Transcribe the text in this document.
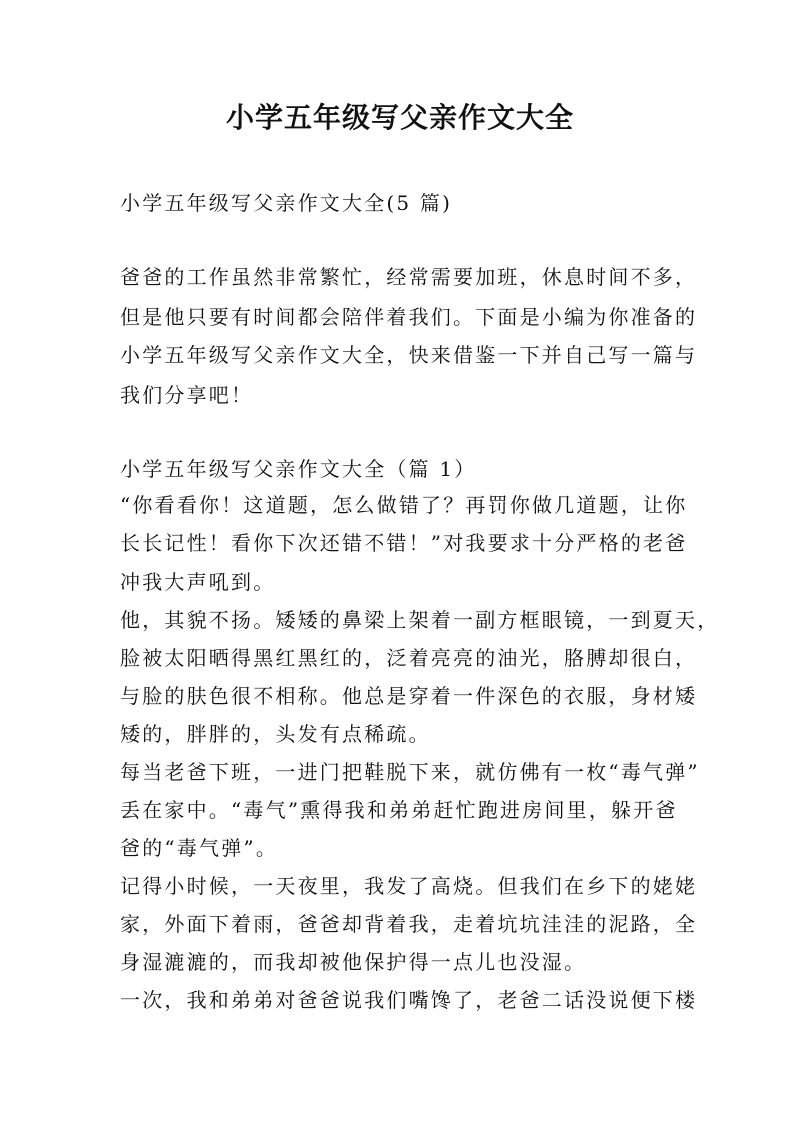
小学五年级写父亲作文大全
小学五年级写父亲作文大全(5 篇)
爸爸的工作虽然非常繁忙，经常需要加班，休息时间不多，
但是他只要有时间都会陪伴着我们。下面是小编为你准备的
小学五年级写父亲作文大全，快来借鉴一下并自己写一篇与
我们分享吧！
小学五年级写父亲作文大全（篇 1）
“你看看你！这道题，怎么做错了？再罚你做几道题，让你
长长记性！看你下次还错不错！”对我要求十分严格的老爸
冲我大声吼到。
他，其貌不扬。矮矮的鼻梁上架着一副方框眼镜，一到夏天，
脸被太阳晒得黑红黑红的，泛着亮亮的油光，胳膊却很白，
与脸的肤色很不相称。他总是穿着一件深色的衣服，身材矮
矮的，胖胖的，头发有点稀疏。
每当老爸下班，一进门把鞋脱下来，就仿佛有一枚“毒气弹”
丢在家中。“毒气”熏得我和弟弟赶忙跑进房间里，躲开爸
爸的“毒气弹”。
记得小时候，一天夜里，我发了高烧。但我们在乡下的姥姥
家，外面下着雨，爸爸却背着我，走着坑坑洼洼的泥路，全
身湿漉漉的，而我却被他保护得一点儿也没湿。
一次，我和弟弟对爸爸说我们嘴馋了，老爸二话没说便下楼
